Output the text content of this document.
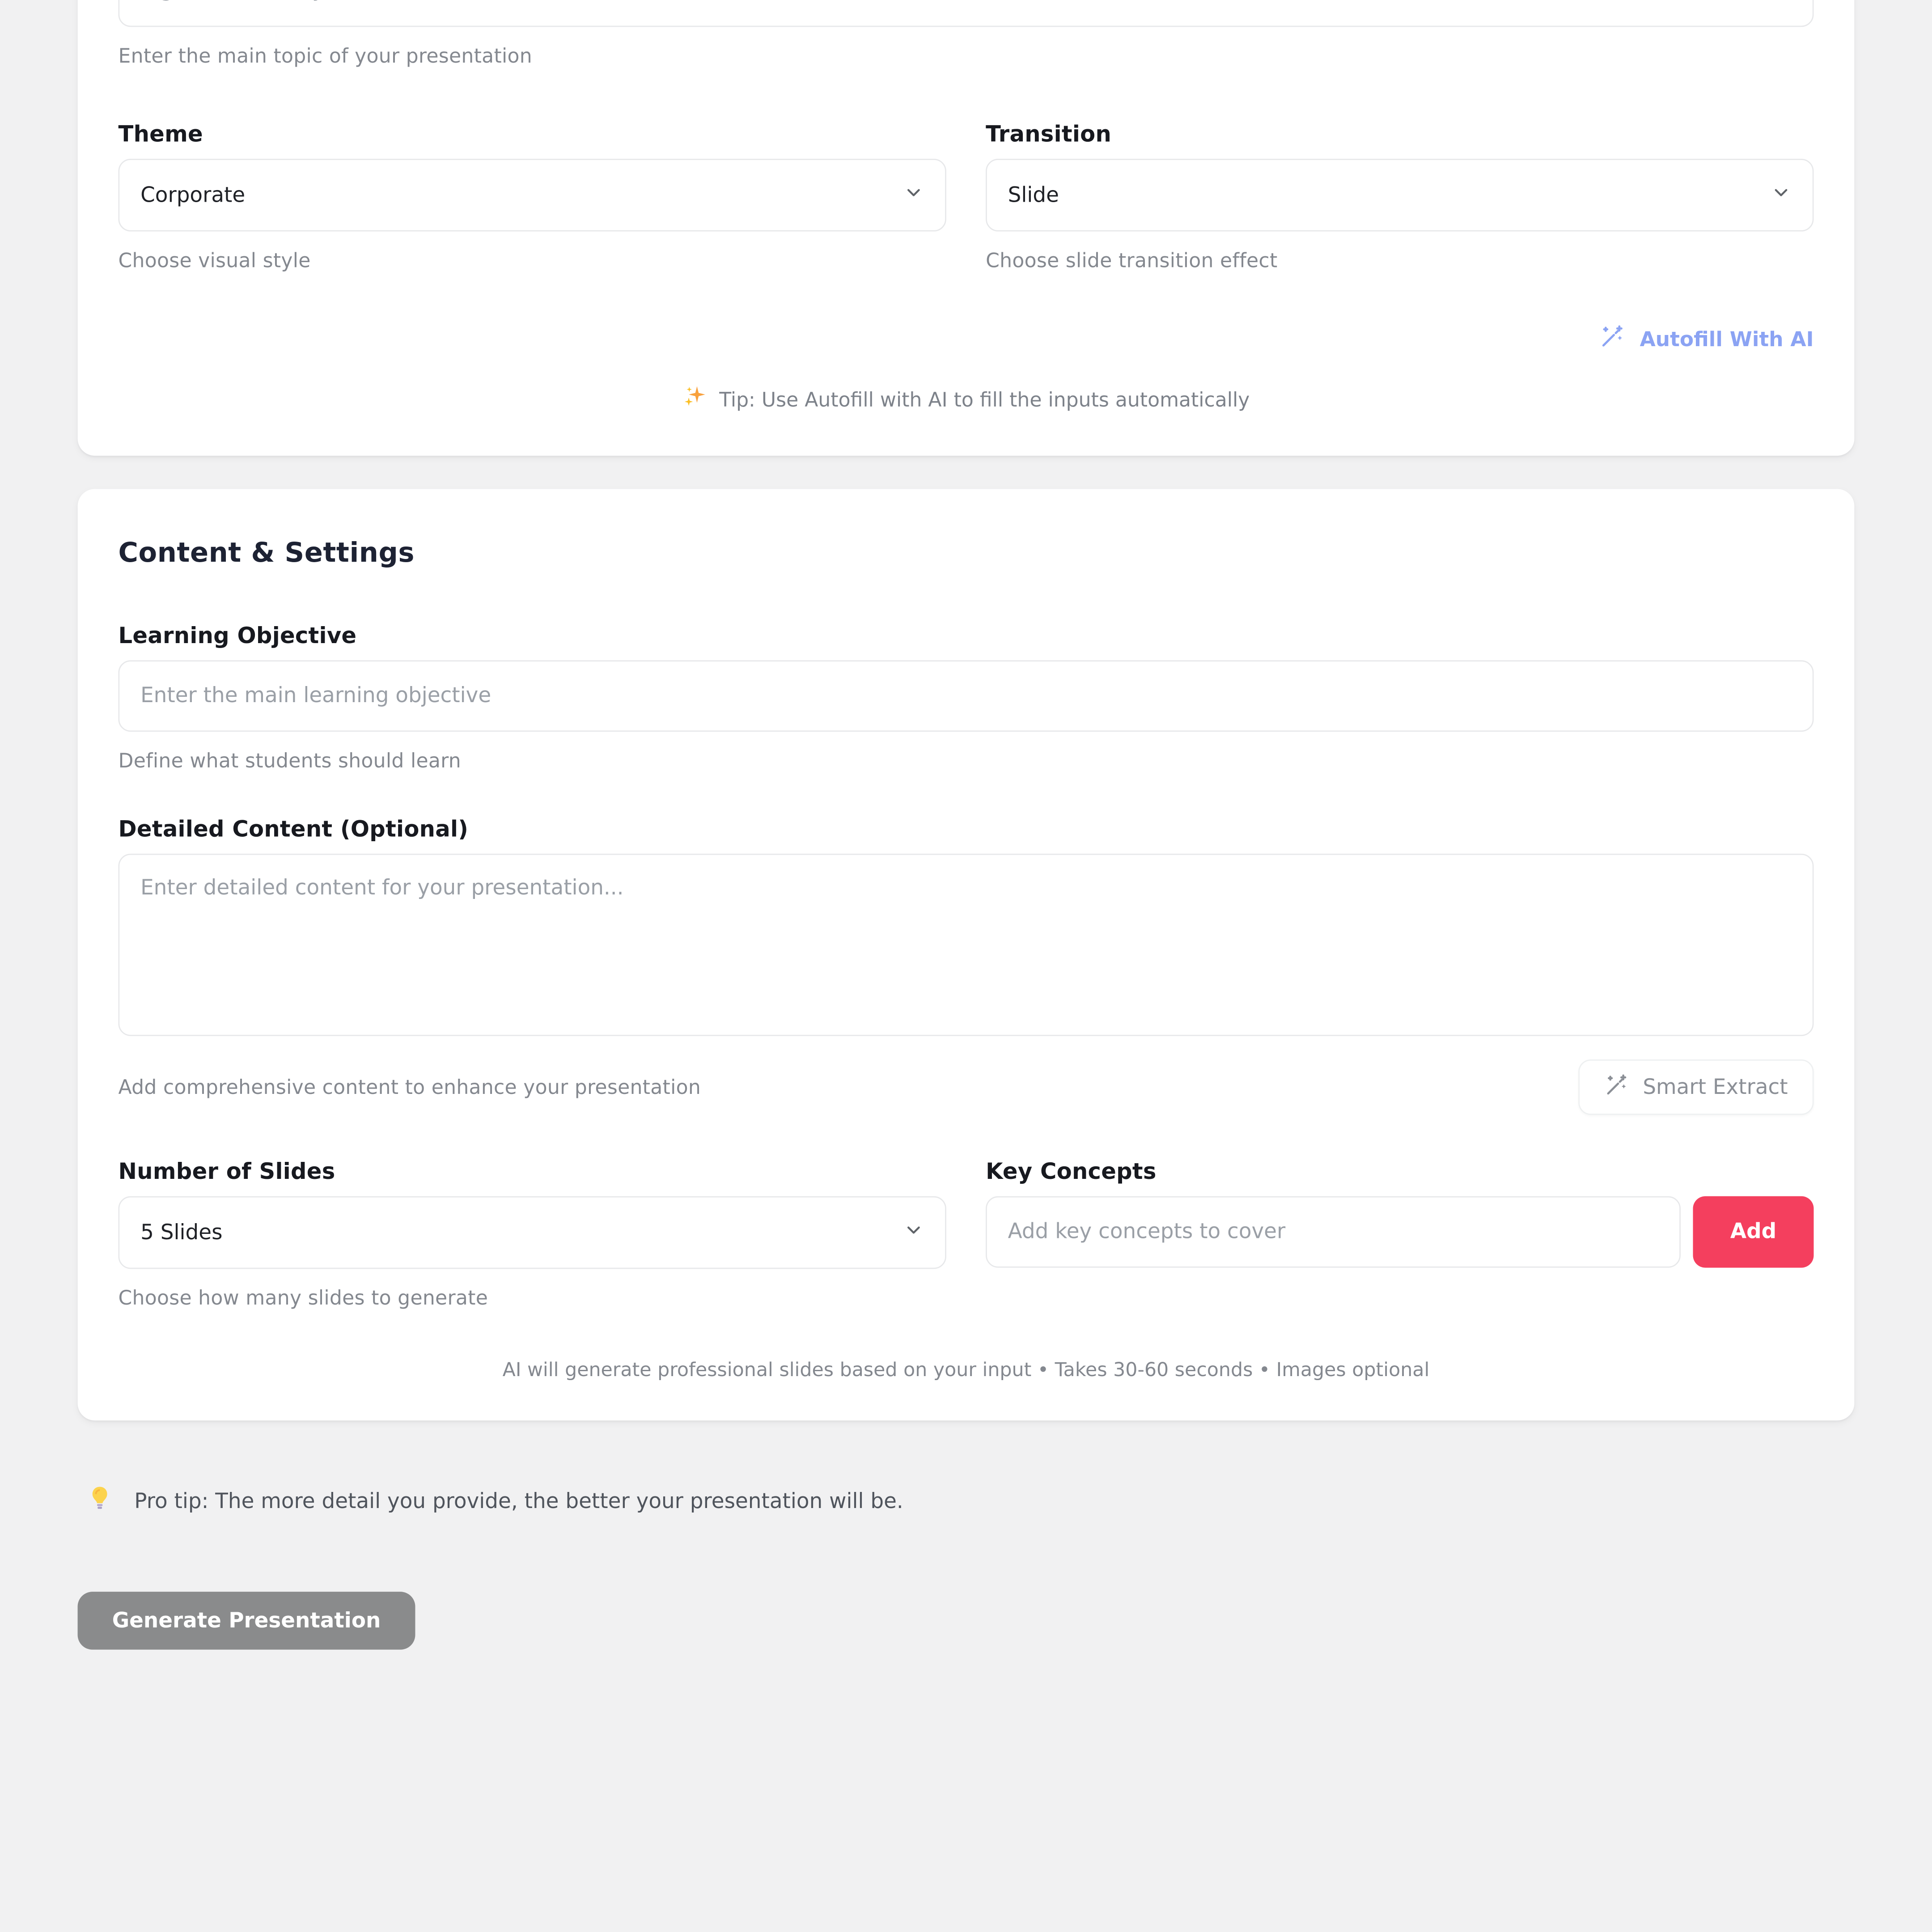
e.g., The Solar System for 6th Graders
Enter the main topic of your presentation
Theme
Corporate
Choose visual style
Transition
Slide
Choose slide transition effect
Autofill With AI
Tip: Use Autofill with AI to fill the inputs automatically
Content & Settings
Learning Objective
Enter the main learning objective
Define what students should learn
Detailed Content (Optional)
Enter detailed content for your presentation...
Add comprehensive content to enhance your presentation	Smart Extract
Number of Slides
5 Slides
Choose how many slides to generate
Key Concepts
Add key concepts to cover
Add
AI will generate professional slides based on your input • Takes 30-60 seconds • Images optional
Pro tip: The more detail you provide, the better your presentation will be.
Generate Presentation
